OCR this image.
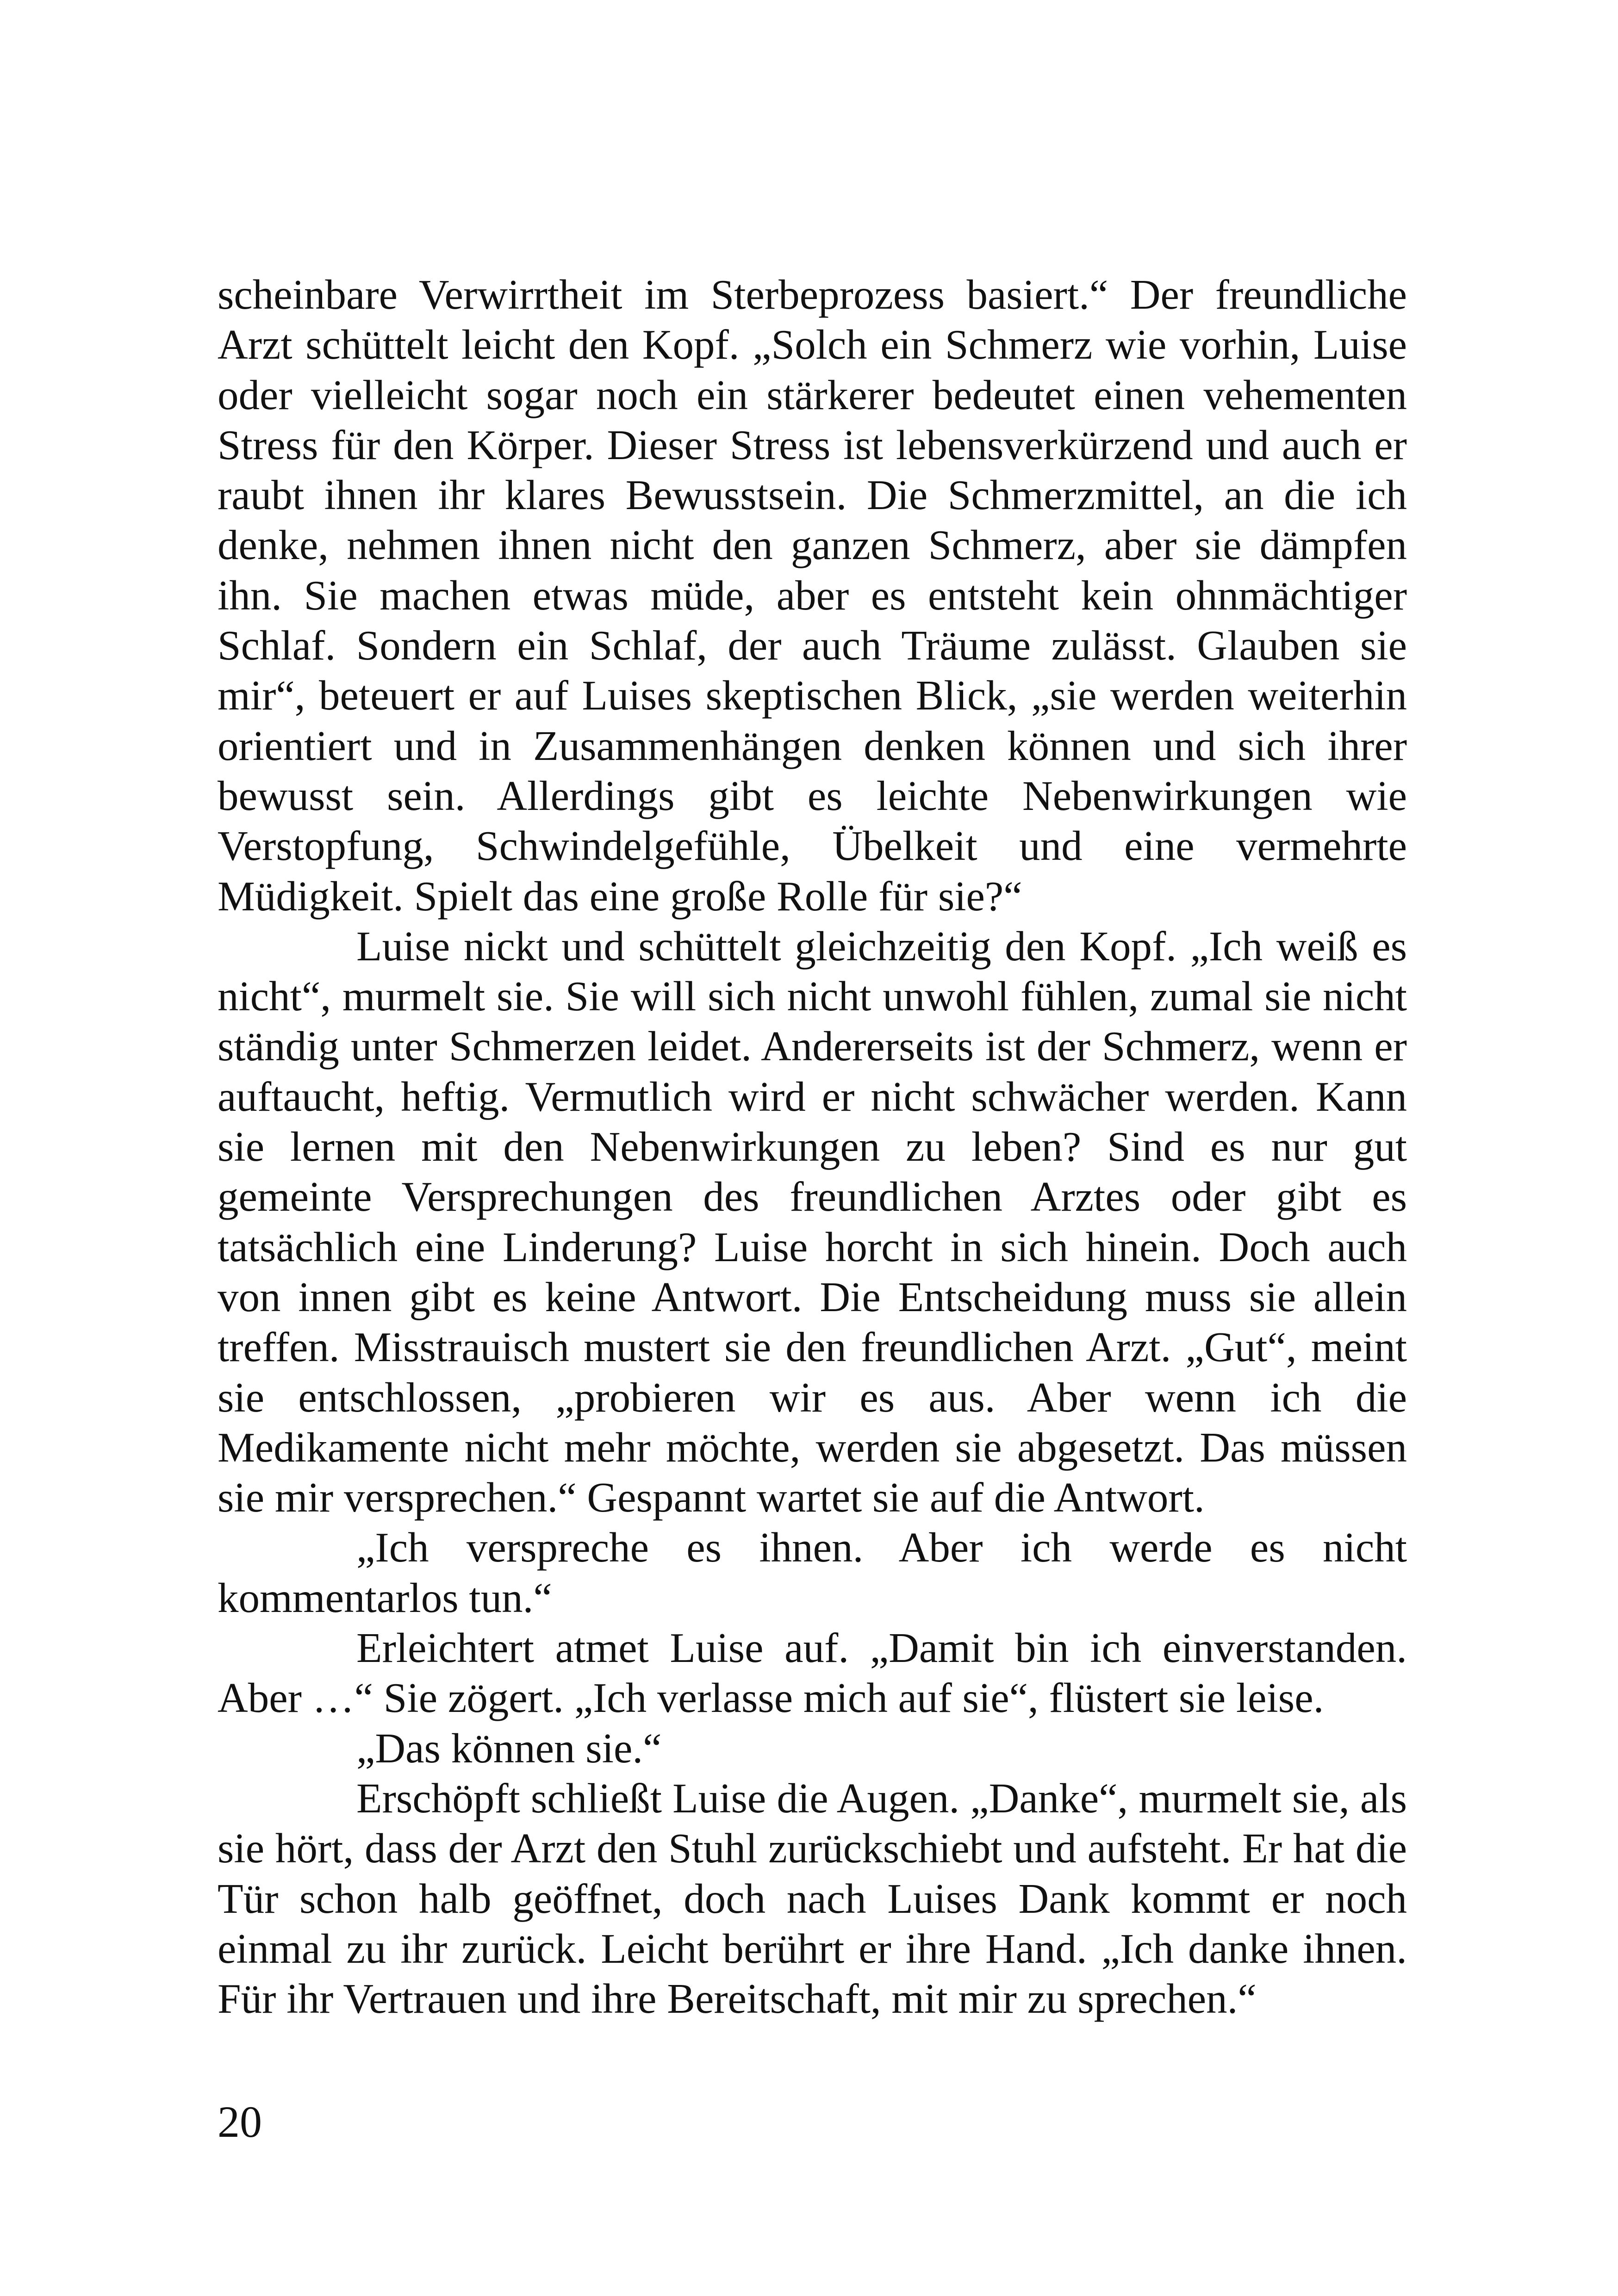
scheinbare Verwirrtheit im Sterbeprozess basiert.“ Der freundliche Arzt schüttelt leicht den Kopf. „Solch ein Schmerz wie vorhin, Luise oder vielleicht sogar noch ein stärkerer bedeutet einen vehementen Stress für den Körper. Dieser Stress ist lebensverkürzend und auch er raubt ihnen ihr klares Bewusstsein. Die Schmerzmittel, an die ich denke, nehmen ihnen nicht den ganzen Schmerz, aber sie dämpfen ihn. Sie machen etwas müde, aber es entsteht kein ohnmächtiger Schlaf. Sondern ein Schlaf, der auch Träume zulässt. Glauben sie mir“, beteuert er auf Luises skeptischen Blick, „sie werden weiterhin orientiert und in Zusammenhängen denken können und sich ihrer bewusst sein. Allerdings gibt es leichte Nebenwirkungen wie Verstopfung, Schwindelgefühle, Übelkeit und eine vermehrte Müdigkeit. Spielt das eine große Rolle für sie?“

Luise nickt und schüttelt gleichzeitig den Kopf. „Ich weiß es nicht“, murmelt sie. Sie will sich nicht unwohl fühlen, zumal sie nicht ständig unter Schmerzen leidet. Andererseits ist der Schmerz, wenn er auftaucht, heftig. Vermutlich wird er nicht schwächer werden. Kann sie lernen mit den Nebenwirkungen zu leben? Sind es nur gut gemeinte Versprechungen des freundlichen Arztes oder gibt es tatsächlich eine Linderung? Luise horcht in sich hinein. Doch auch von innen gibt es keine Antwort. Die Entscheidung muss sie allein treffen. Misstrauisch mustert sie den freundlichen Arzt. „Gut“, meint sie entschlossen, „probieren wir es aus. Aber wenn ich die Medikamente nicht mehr möchte, werden sie abgesetzt. Das müssen sie mir versprechen.“ Gespannt wartet sie auf die Antwort.

„Ich verspreche es ihnen. Aber ich werde es nicht kommentarlos tun.“

Erleichtert atmet Luise auf. „Damit bin ich einverstanden. Aber …“ Sie zögert. „Ich verlasse mich auf sie“, flüstert sie leise.

„Das können sie.“

Erschöpft schließt Luise die Augen. „Danke“, murmelt sie, als sie hört, dass der Arzt den Stuhl zurückschiebt und aufsteht. Er hat die Tür schon halb geöffnet, doch nach Luises Dank kommt er noch einmal zu ihr zurück. Leicht berührt er ihre Hand. „Ich danke ihnen. Für ihr Vertrauen und ihre Bereitschaft, mit mir zu sprechen.“

20
